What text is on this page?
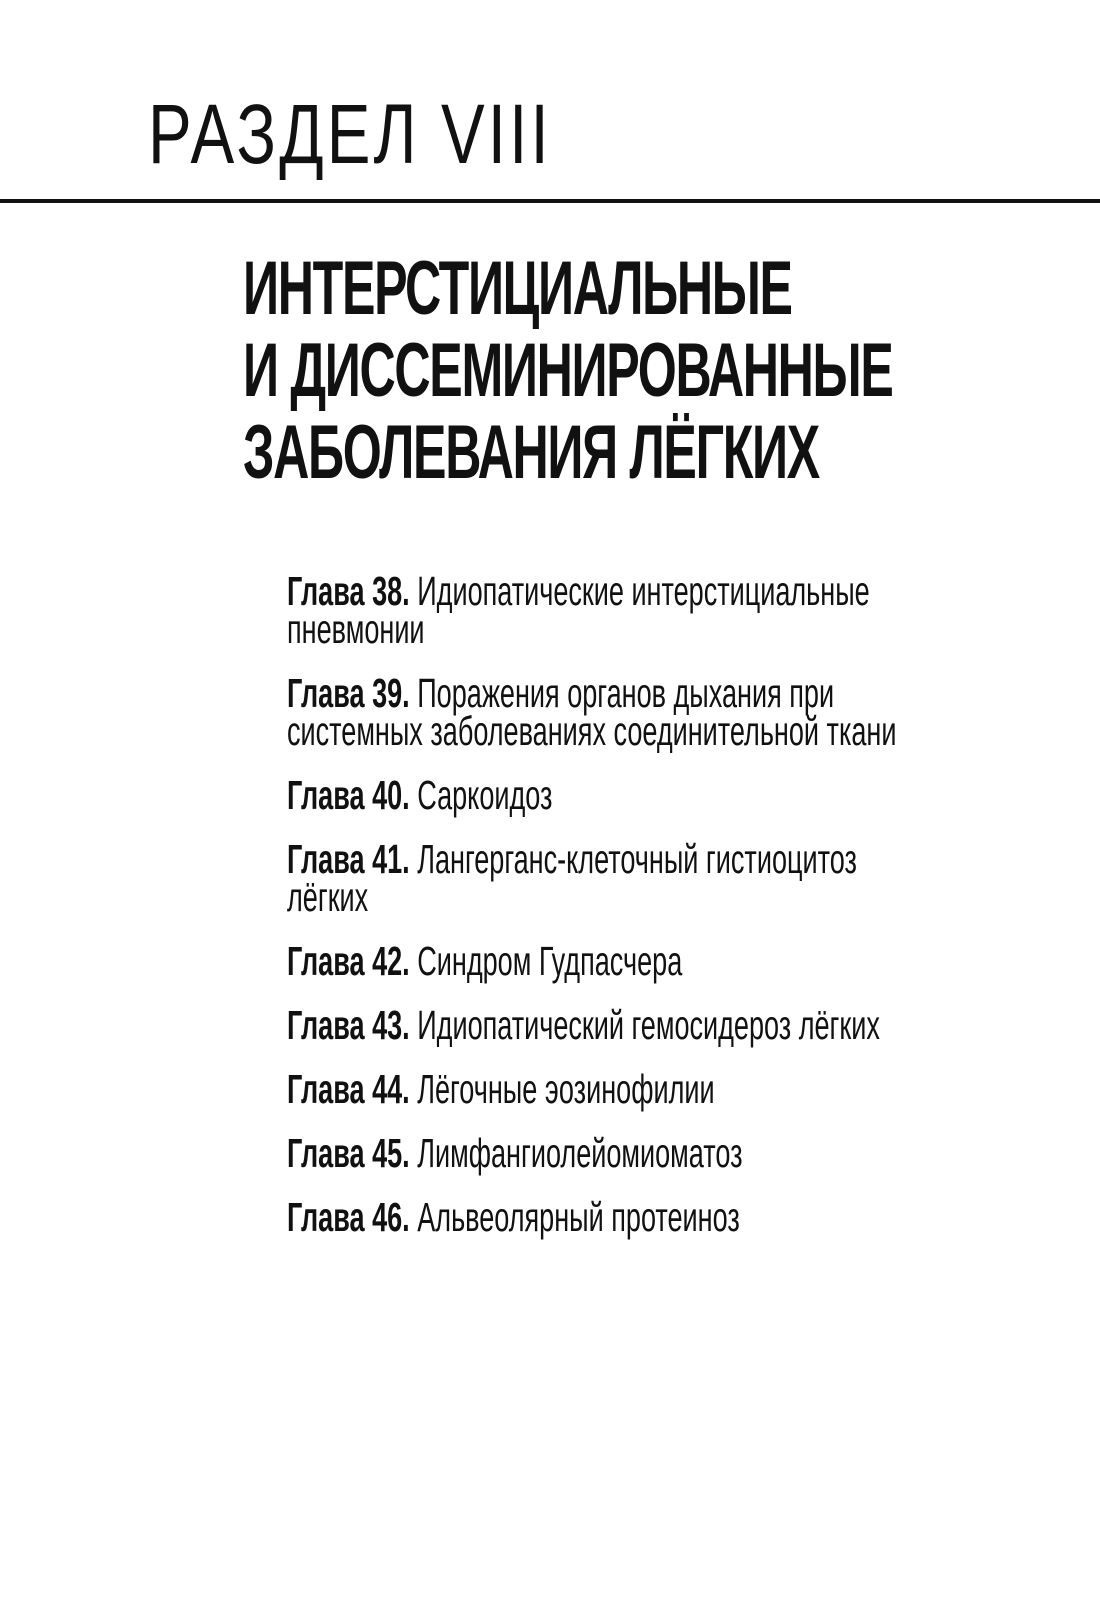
РАЗДЕЛ VIII
ИНТЕРСТИЦИАЛЬНЫЕ
И ДИССЕМИНИРОВАННЫЕ
ЗАБОЛЕВАНИЯ ЛЁГКИХ
Глава 38. Идиопатические интерстициальные
пневмонии
Глава 39. Поражения органов дыхания при
системных заболеваниях соединительной ткани
Глава 40. Саркоидоз
Глава 41. Лангерганс-клеточный гистиоцитоз
лёгких
Глава 42. Синдром Гудпасчера
Глава 43. Идиопатический гемосидероз лёгких
Глава 44. Лёгочные эозинофилии
Глава 45. Лимфангиолейомиоматоз
Глава 46. Альвеолярный протеиноз
